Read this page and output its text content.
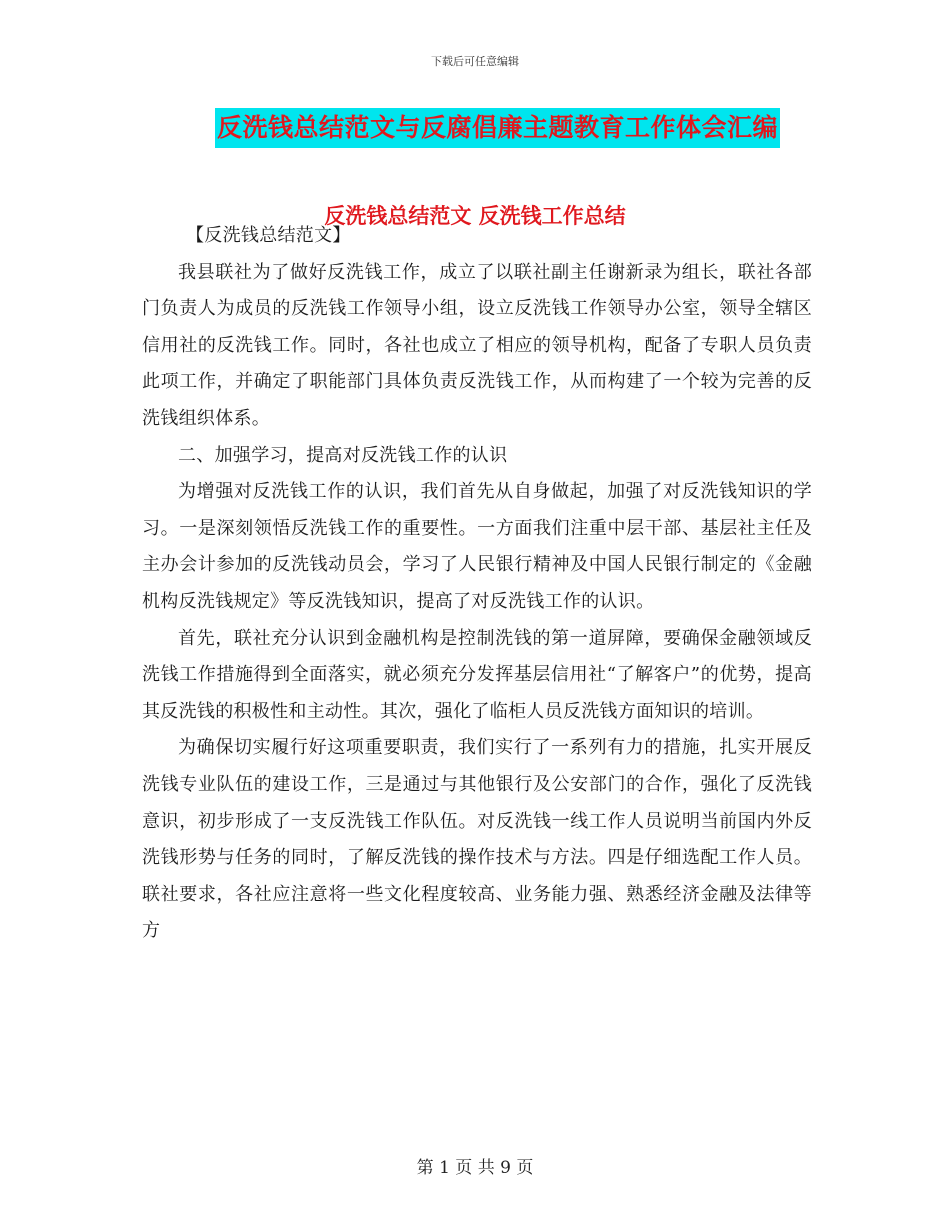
下载后可任意编辑
反洗钱总结范文与反腐倡廉主题教育工作体会汇编
反洗钱总结范文 反洗钱工作总结

【反洗钱总结范文】

我县联社为了做好反洗钱工作，成立了以联社副主任谢新录为组长，联社各部门负责人为成员的反洗钱工作领导小组，设立反洗钱工作领导办公室，领导全辖区信用社的反洗钱工作。同时，各社也成立了相应的领导机构，配备了专职人员负责此项工作，并确定了职能部门具体负责反洗钱工作，从而构建了一个较为完善的反洗钱组织体系。

二、加强学习，提高对反洗钱工作的认识

为增强对反洗钱工作的认识，我们首先从自身做起，加强了对反洗钱知识的学习。一是深刻领悟反洗钱工作的重要性。一方面我们注重中层干部、基层社主任及主办会计参加的反洗钱动员会，学习了人民银行精神及中国人民银行制定的《金融机构反洗钱规定》等反洗钱知识，提高了对反洗钱工作的认识。

首先，联社充分认识到金融机构是控制洗钱的第一道屏障，要确保金融领域反洗钱工作措施得到全面落实，就必须充分发挥基层信用社“了解客户”的优势，提高其反洗钱的积极性和主动性。其次，强化了临柜人员反洗钱方面知识的培训。

为确保切实履行好这项重要职责，我们实行了一系列有力的措施，扎实开展反洗钱专业队伍的建设工作，三是通过与其他银行及公安部门的合作，强化了反洗钱意识，初步形成了一支反洗钱工作队伍。对反洗钱一线工作人员说明当前国内外反洗钱形势与任务的同时，了解反洗钱的操作技术与方法。四是仔细选配工作人员。联社要求，各社应注意将一些文化程度较高、业务能力强、熟悉经济金融及法律等方

第 1 页 共 9 页
